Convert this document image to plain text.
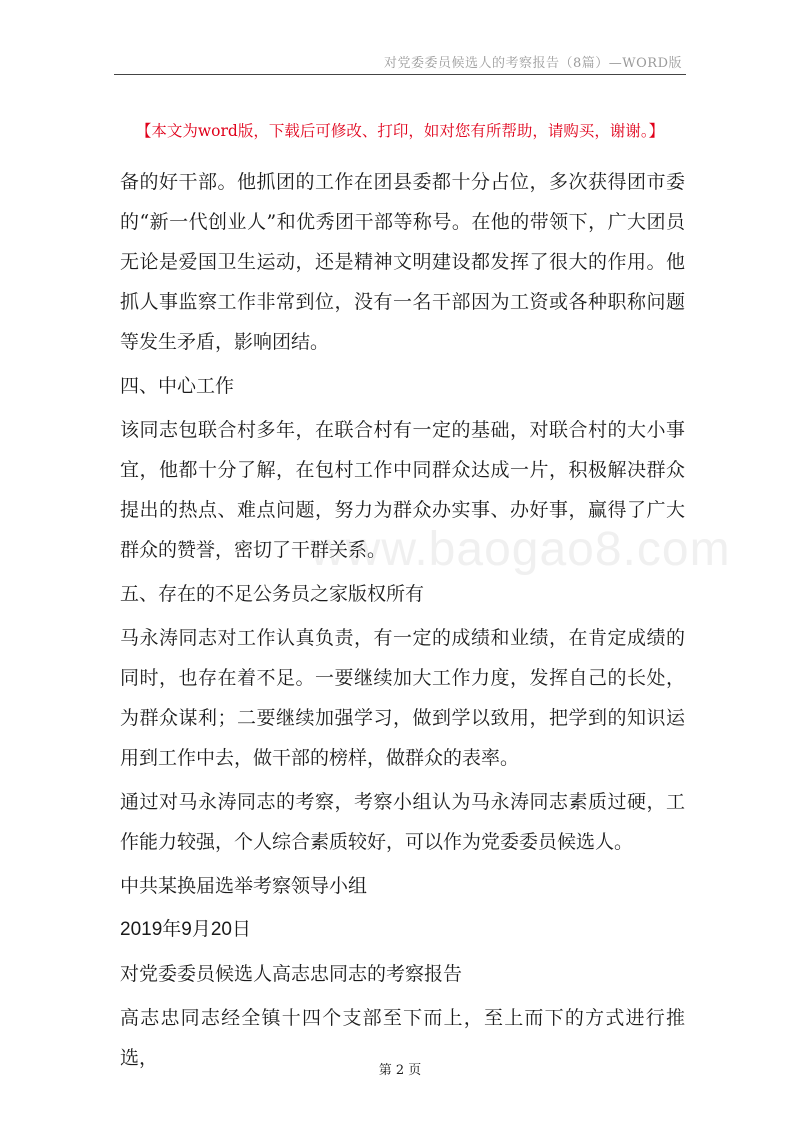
对党委委员候选人的考察报告（8篇）—WORD版
【本文为word版，下载后可修改、打印，如对您有所帮助，请购买，谢谢。】
www.baogao8.com

备的好干部。他抓团的工作在团县委都十分占位，多次获得团市委的“新一代创业人”和优秀团干部等称号。在他的带领下，广大团员无论是爱国卫生运动，还是精神文明建设都发挥了很大的作用。他抓人事监察工作非常到位，没有一名干部因为工资或各种职称问题等发生矛盾，影响团结。

四、中心工作

该同志包联合村多年，在联合村有一定的基础，对联合村的大小事宜，他都十分了解，在包村工作中同群众达成一片，积极解决群众提出的热点、难点问题，努力为群众办实事、办好事，赢得了广大群众的赞誉，密切了干群关系。

五、存在的不足公务员之家版权所有

马永涛同志对工作认真负责，有一定的成绩和业绩，在肯定成绩的同时，也存在着不足。一要继续加大工作力度，发挥自己的长处，为群众谋利；二要继续加强学习，做到学以致用，把学到的知识运用到工作中去，做干部的榜样，做群众的表率。

通过对马永涛同志的考察，考察小组认为马永涛同志素质过硬，工作能力较强，个人综合素质较好，可以作为党委委员候选人。

中共某换届选举考察领导小组

2019年9月20日

对党委委员候选人高志忠同志的考察报告

高志忠同志经全镇十四个支部至下而上，至上而下的方式进行推选，

第 2 页
